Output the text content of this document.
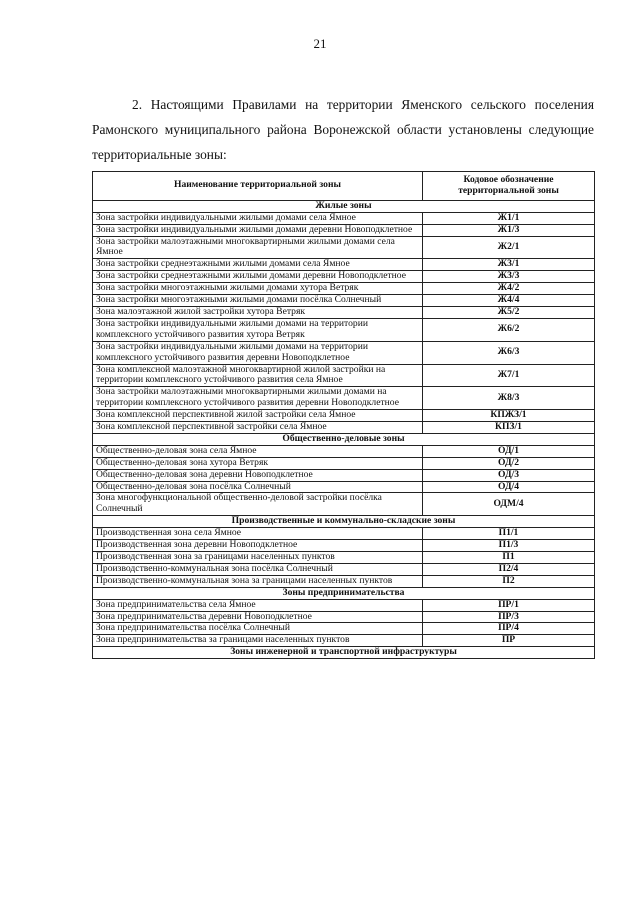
21

2. Настоящими Правилами на территории Яменского сельского поселения Рамонского муниципального района Воронежской области установлены следующие территориальные зоны:

Наименование территориальной зоны	Кодовое обозначение территориальной зоны
Жилые зоны	
Зона застройки индивидуальными жилыми домами села Ямное	Ж1/1
Зона застройки индивидуальными жилыми домами деревни Новоподклетное	Ж1/3
Зона застройки малоэтажными многоквартирными жилыми домами села Ямное	Ж2/1
Зона застройки среднеэтажными жилыми домами села Ямное	Ж3/1
Зона застройки среднеэтажными жилыми домами деревни Новоподклетное	Ж3/3
Зона застройки многоэтажными жилыми домами хутора Ветряк	Ж4/2
Зона застройки многоэтажными жилыми домами посёлка Солнечный	Ж4/4
Зона малоэтажной жилой застройки хутора Ветряк	Ж5/2
Зона застройки индивидуальными жилыми домами на территории комплексного устойчивого развития хутора Ветряк	Ж6/2
Зона застройки индивидуальными жилыми домами на территории комплексного устойчивого развития деревни Новоподклетное	Ж6/3
Зона комплексной малоэтажной многоквартирной жилой застройки на территории комплексного устойчивого развития села Ямное	Ж7/1
Зона застройки малоэтажными многоквартирными жилыми домами на территории комплексного устойчивого развития деревни Новоподклетное	Ж8/3
Зона комплексной перспективной жилой застройки села Ямное	КПЖЗ/1
Зона комплексной перспективной застройки села Ямное	КПЗ/1
Общественно-деловые зоны	
Общественно-деловая зона села Ямное	ОД/1
Общественно-деловая зона хутора Ветряк	ОД/2
Общественно-деловая зона деревни Новоподклетное	ОД/3
Общественно-деловая зона посёлка Солнечный	ОД/4
Зона многофункциональной общественно-деловой застройки посёлка Солнечный	ОДМ/4
Производственные и коммунально-складские зоны	
Производственная зона села Ямное	П1/1
Производственная зона деревни Новоподклетное	П1/3
Производственная зона за границами населенных пунктов	П1
Производственно-коммунальная зона посёлка Солнечный	П2/4
Производственно-коммунальная зона за границами населенных пунктов	П2
Зоны предпринимательства	
Зона предпринимательства села Ямное	ПР/1
Зона предпринимательства деревни Новоподклетное	ПР/3
Зона предпринимательства посёлка Солнечный	ПР/4
Зона предпринимательства за границами населенных пунктов	ПР
Зоны инженерной и транспортной инфраструктуры	
